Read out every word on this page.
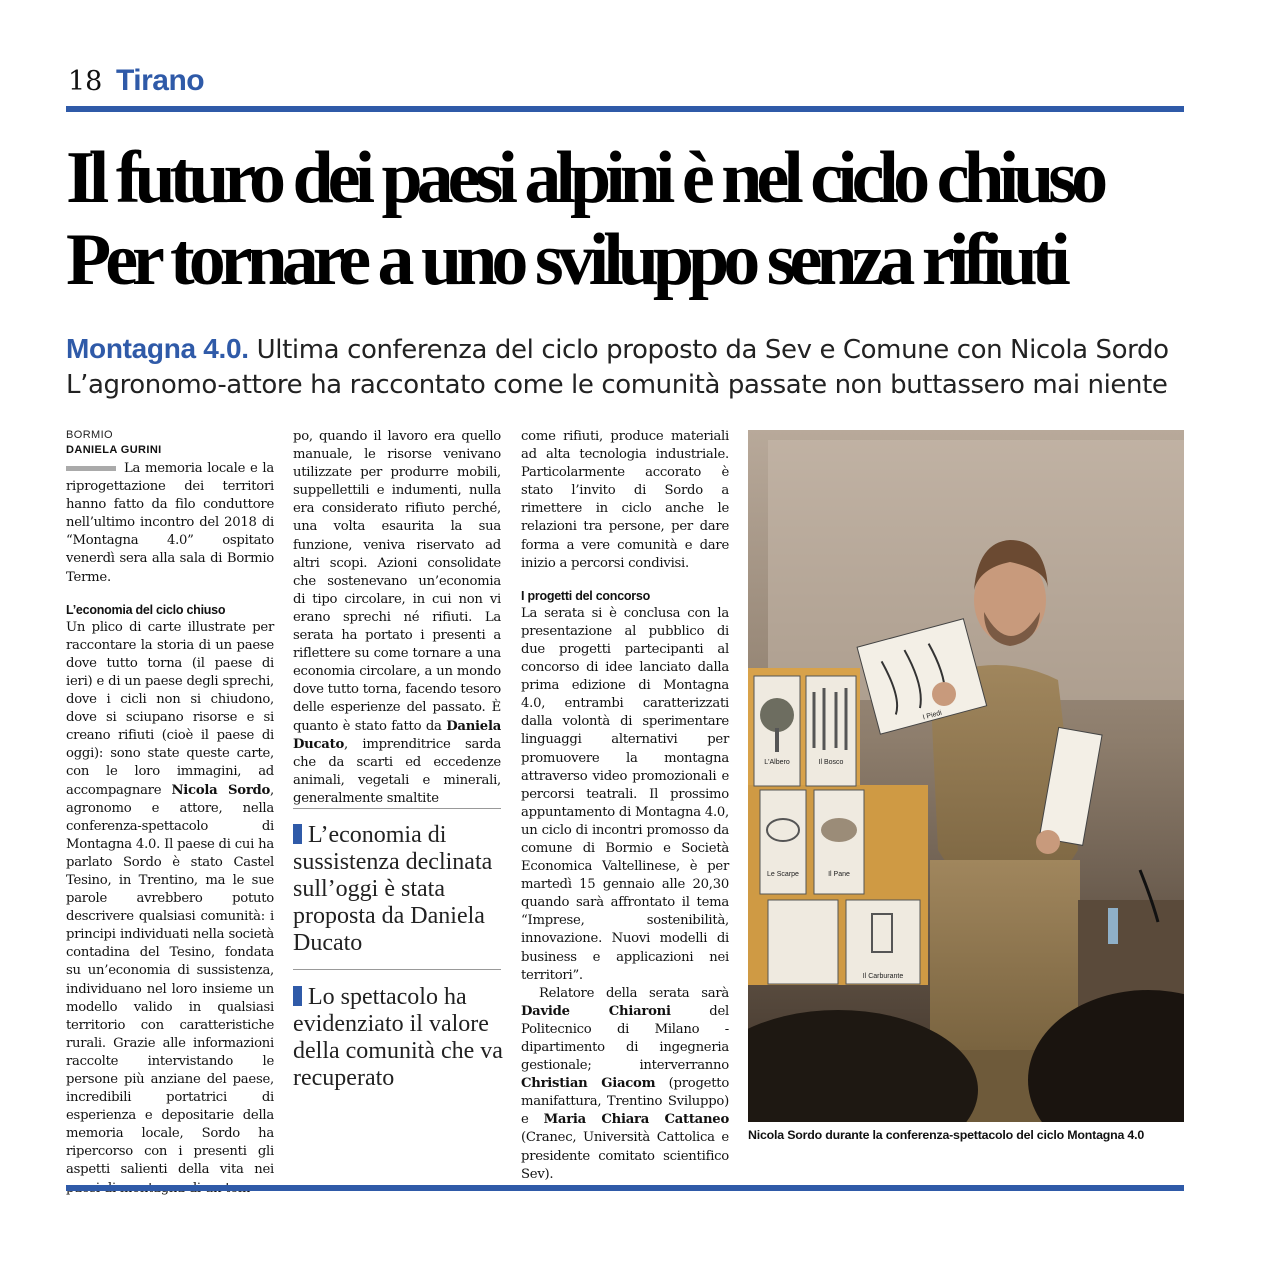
18 Tirano
Il futuro dei paesi alpini è nel ciclo chiuso
Per tornare a uno sviluppo senza rifiuti
Montagna 4.0. Ultima conferenza del ciclo proposto da Sev e Comune con Nicola Sordo
L’agronomo-attore ha raccontato come le comunità passate non buttassero mai niente
BORMIO
DANIELA GURINI

La memoria locale e la riprogettazione dei territori hanno fatto da filo conduttore nell’ultimo incontro del 2018 di “Montagna 4.0” ospitato venerdì sera alla sala di Bormio Terme.

L’economia del ciclo chiuso

Un plico di carte illustrate per raccontare la storia di un paese dove tutto torna (il paese di ieri) e di un paese degli sprechi, dove i cicli non si chiudono, dove si sciupano risorse e si creano rifiuti (cioè il paese di oggi): sono state queste carte, con le loro immagini, ad accompagnare Nicola Sordo, agronomo e attore, nella conferenza-spettacolo di Montagna 4.0. Il paese di cui ha parlato Sordo è stato Castel Tesino, in Trentino, ma le sue parole avrebbero potuto descrivere qualsiasi comunità: i principi individuati nella società contadina del Tesino, fondata su un’economia di sussistenza, individuano nel loro insieme un modello valido in qualsiasi territorio con caratteristiche rurali. Grazie alle informazioni raccolte intervistando le persone più anziane del paese, incredibili portatrici di esperienza e depositarie della memoria locale, Sordo ha ripercorso con i presenti gli aspetti salienti della vita nei

po, quando il lavoro era quello manuale, le risorse venivano utilizzate per produrre mobili, suppellettili e indumenti, nulla era considerato rifiuto perché, una volta esaurita la sua funzione, veniva riservato ad altri scopi. Azioni consolidate che sostenevano un’economia di tipo circolare, in cui non vi erano sprechi né rifiuti. La serata ha portato i presenti a riflettere su come tornare a una economia circolare, a un mondo dove tutto torna, facendo tesoro delle esperienze del passato. È quanto è stato fatto da Daniela Ducato, imprenditrice sarda che da scarti ed eccedenze animali, vegetali e minerali, generalmente smaltite

L’economia di sussistenza declinata sull’oggi è stata proposta da Daniela Ducato
Lo spettacolo ha evidenziato il valore della comunità che va recuperato

come rifiuti, produce materiali ad alta tecnologia industriale. Particolarmente accorato è stato l’invito di Sordo a rimettere in ciclo anche le relazioni tra persone, per dare forma a vere comunità e dare inizio a percorsi condivisi.

I progetti del concorso

La serata si è conclusa con la presentazione al pubblico di due progetti partecipanti al concorso di idee lanciato dalla prima edizione di Montagna 4.0, entrambi caratterizzati dalla volontà di sperimentare linguaggi alternativi per promuovere la montagna attraverso video promozionali e percorsi teatrali. Il prossimo appuntamento di Montagna 4.0, un ciclo di incontri promosso da comune di Bormio e Società Economica Valtellinese, è per martedì 15 gennaio alle 20,30 quando sarà affrontato il tema “Imprese, sostenibilità, innovazione. Nuovi modelli di business e applicazioni nei territori”.

Relatore della serata sarà Davide Chiaroni del Politecnico di Milano - dipartimento di ingegneria gestionale; interverranno Christian Giacom (progetto manifattura, Trentino Sviluppo) e Maria Chiara Cattaneo (Cranec, Università Cattolica e presidente comitato scientifico Sev).

L'Albero	Il Bosco
Le Scarpe	Il Pane
Il Carburante
I Piedi
Nicola Sordo durante la conferenza-spettacolo del ciclo Montagna 4.0
